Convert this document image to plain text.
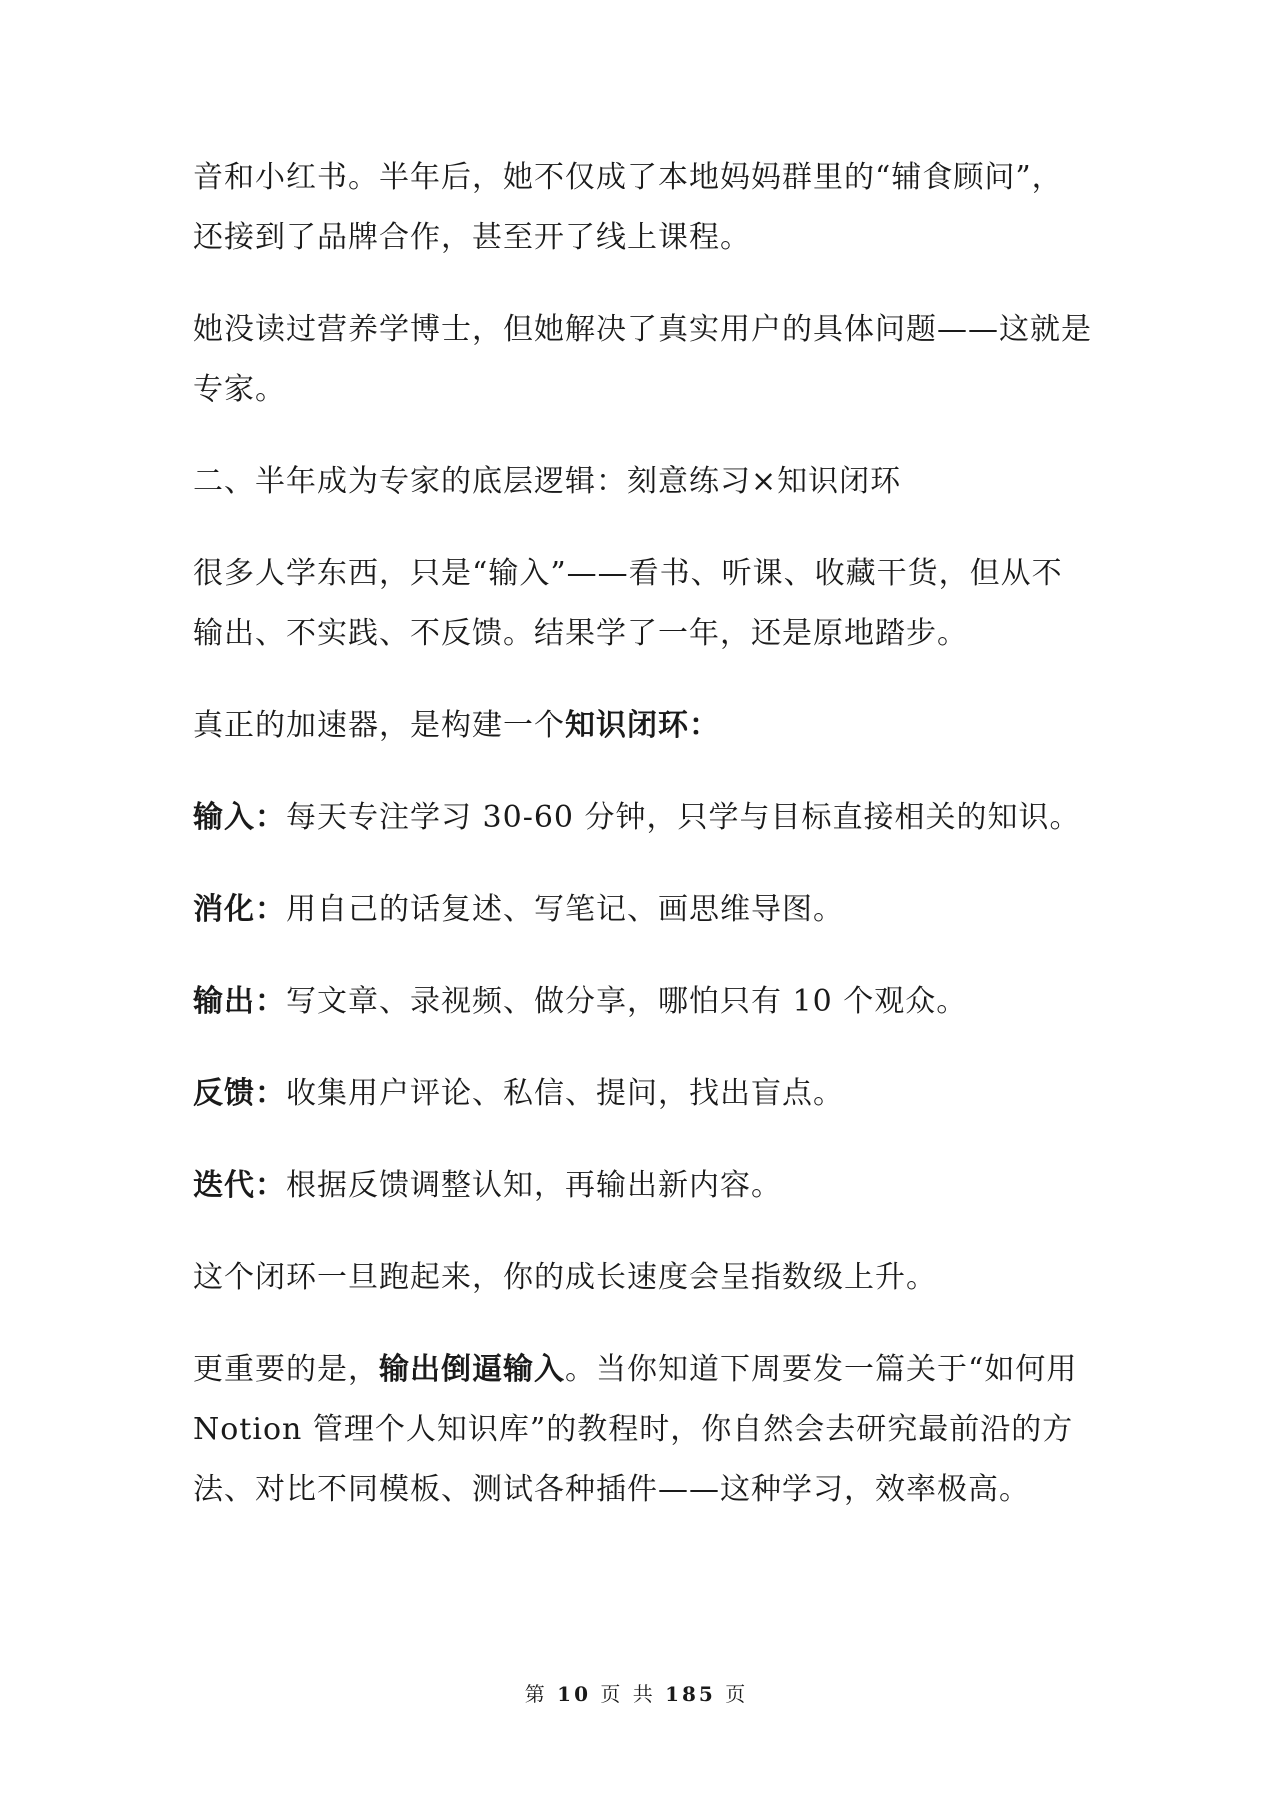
音和小红书。半年后，她不仅成了本地妈妈群里的“辅食顾问”，还接到了品牌合作，甚至开了线上课程。

她没读过营养学博士，但她解决了真实用户的具体问题——这就是专家。

二、半年成为专家的底层逻辑：刻意练习×知识闭环

很多人学东西，只是“输入”——看书、听课、收藏干货，但从不输出、不实践、不反馈。结果学了一年，还是原地踏步。

真正的加速器，是构建一个知识闭环：

输入：每天专注学习 30-60 分钟，只学与目标直接相关的知识。

消化：用自己的话复述、写笔记、画思维导图。

输出：写文章、录视频、做分享，哪怕只有 10 个观众。

反馈：收集用户评论、私信、提问，找出盲点。

迭代：根据反馈调整认知，再输出新内容。

这个闭环一旦跑起来，你的成长速度会呈指数级上升。

更重要的是，输出倒逼输入。当你知道下周要发一篇关于“如何用 Notion 管理个人知识库”的教程时，你自然会去研究最前沿的方法、对比不同模板、测试各种插件——这种学习，效率极高。

第 10 页 共 185 页
